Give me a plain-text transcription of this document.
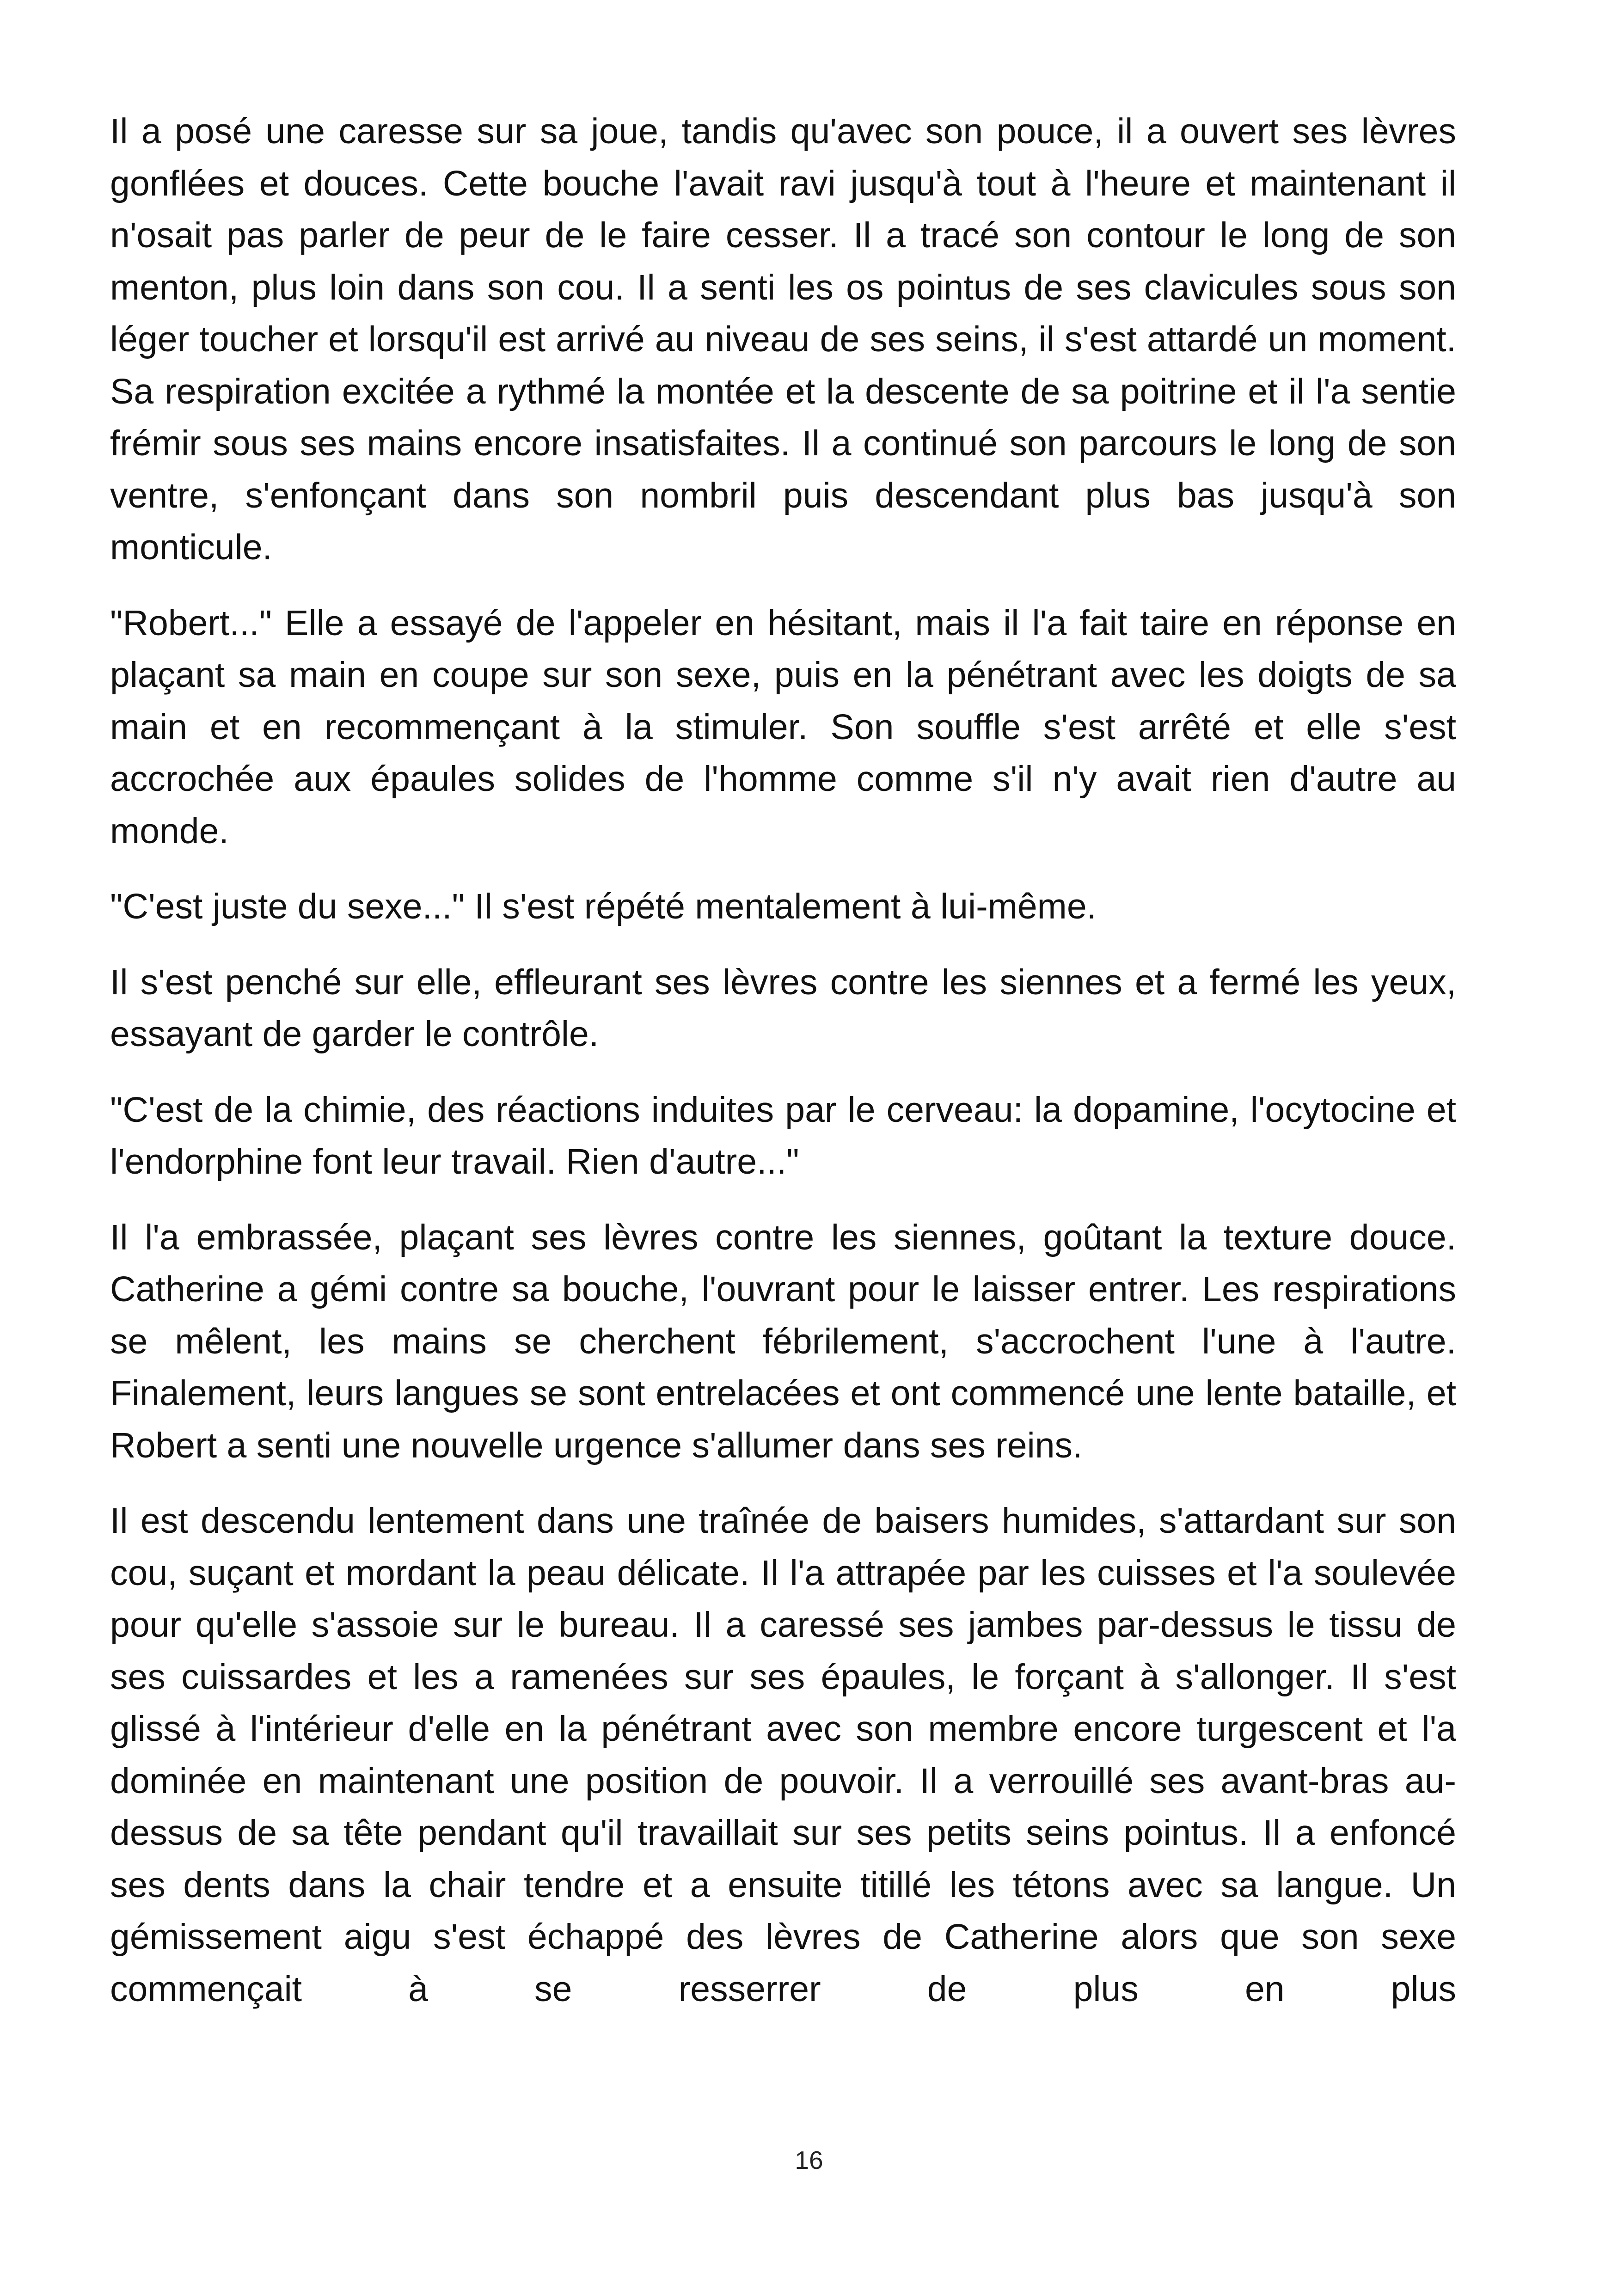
Il a posé une caresse sur sa joue, tandis qu'avec son pouce, il a ouvert ses lèvres gonflées et douces. Cette bouche l'avait ravi jusqu'à tout à l'heure et maintenant il n'osait pas parler de peur de le faire cesser. Il a tracé son contour le long de son menton, plus loin dans son cou. Il a senti les os pointus de ses clavicules sous son léger toucher et lorsqu'il est arrivé au niveau de ses seins, il s'est attardé un moment. Sa respiration excitée a rythmé la montée et la descente de sa poitrine et il l'a sentie frémir sous ses mains encore insatisfaites. Il a continué son parcours le long de son ventre, s'enfonçant dans son nombril puis descendant plus bas jusqu'à son monticule.

"Robert..." Elle a essayé de l'appeler en hésitant, mais il l'a fait taire en réponse en plaçant sa main en coupe sur son sexe, puis en la pénétrant avec les doigts de sa main et en recommençant à la stimuler. Son souffle s'est arrêté et elle s'est accrochée aux épaules solides de l'homme comme s'il n'y avait rien d'autre au monde.

"C'est juste du sexe..." Il s'est répété mentalement à lui-même.

Il s'est penché sur elle, effleurant ses lèvres contre les siennes et a fermé les yeux, essayant de garder le contrôle.

"C'est de la chimie, des réactions induites par le cerveau: la dopamine, l'ocytocine et l'endorphine font leur travail. Rien d'autre..."

Il l'a embrassée, plaçant ses lèvres contre les siennes, goûtant la texture douce. Catherine a gémi contre sa bouche, l'ouvrant pour le laisser entrer. Les respirations se mêlent, les mains se cherchent fébrilement, s'accrochent l'une à l'autre. Finalement, leurs langues se sont entrelacées et ont commencé une lente bataille, et Robert a senti une nouvelle urgence s'allumer dans ses reins.

Il est descendu lentement dans une traînée de baisers humides, s'attardant sur son cou, suçant et mordant la peau délicate. Il l'a attrapée par les cuisses et l'a soulevée pour qu'elle s'assoie sur le bureau. Il a caressé ses jambes par-dessus le tissu de ses cuissardes et les a ramenées sur ses épaules, le forçant à s'allonger. Il s'est glissé à l'intérieur d'elle en la pénétrant avec son membre encore turgescent et l'a dominée en maintenant une position de pouvoir. Il a verrouillé ses avant-bras au-dessus de sa tête pendant qu'il travaillait sur ses petits seins pointus. Il a enfoncé ses dents dans la chair tendre et a ensuite titillé les tétons avec sa langue. Un gémissement aigu s'est échappé des lèvres de Catherine alors que son sexe commençait à se resserrer de plus en plus

16
